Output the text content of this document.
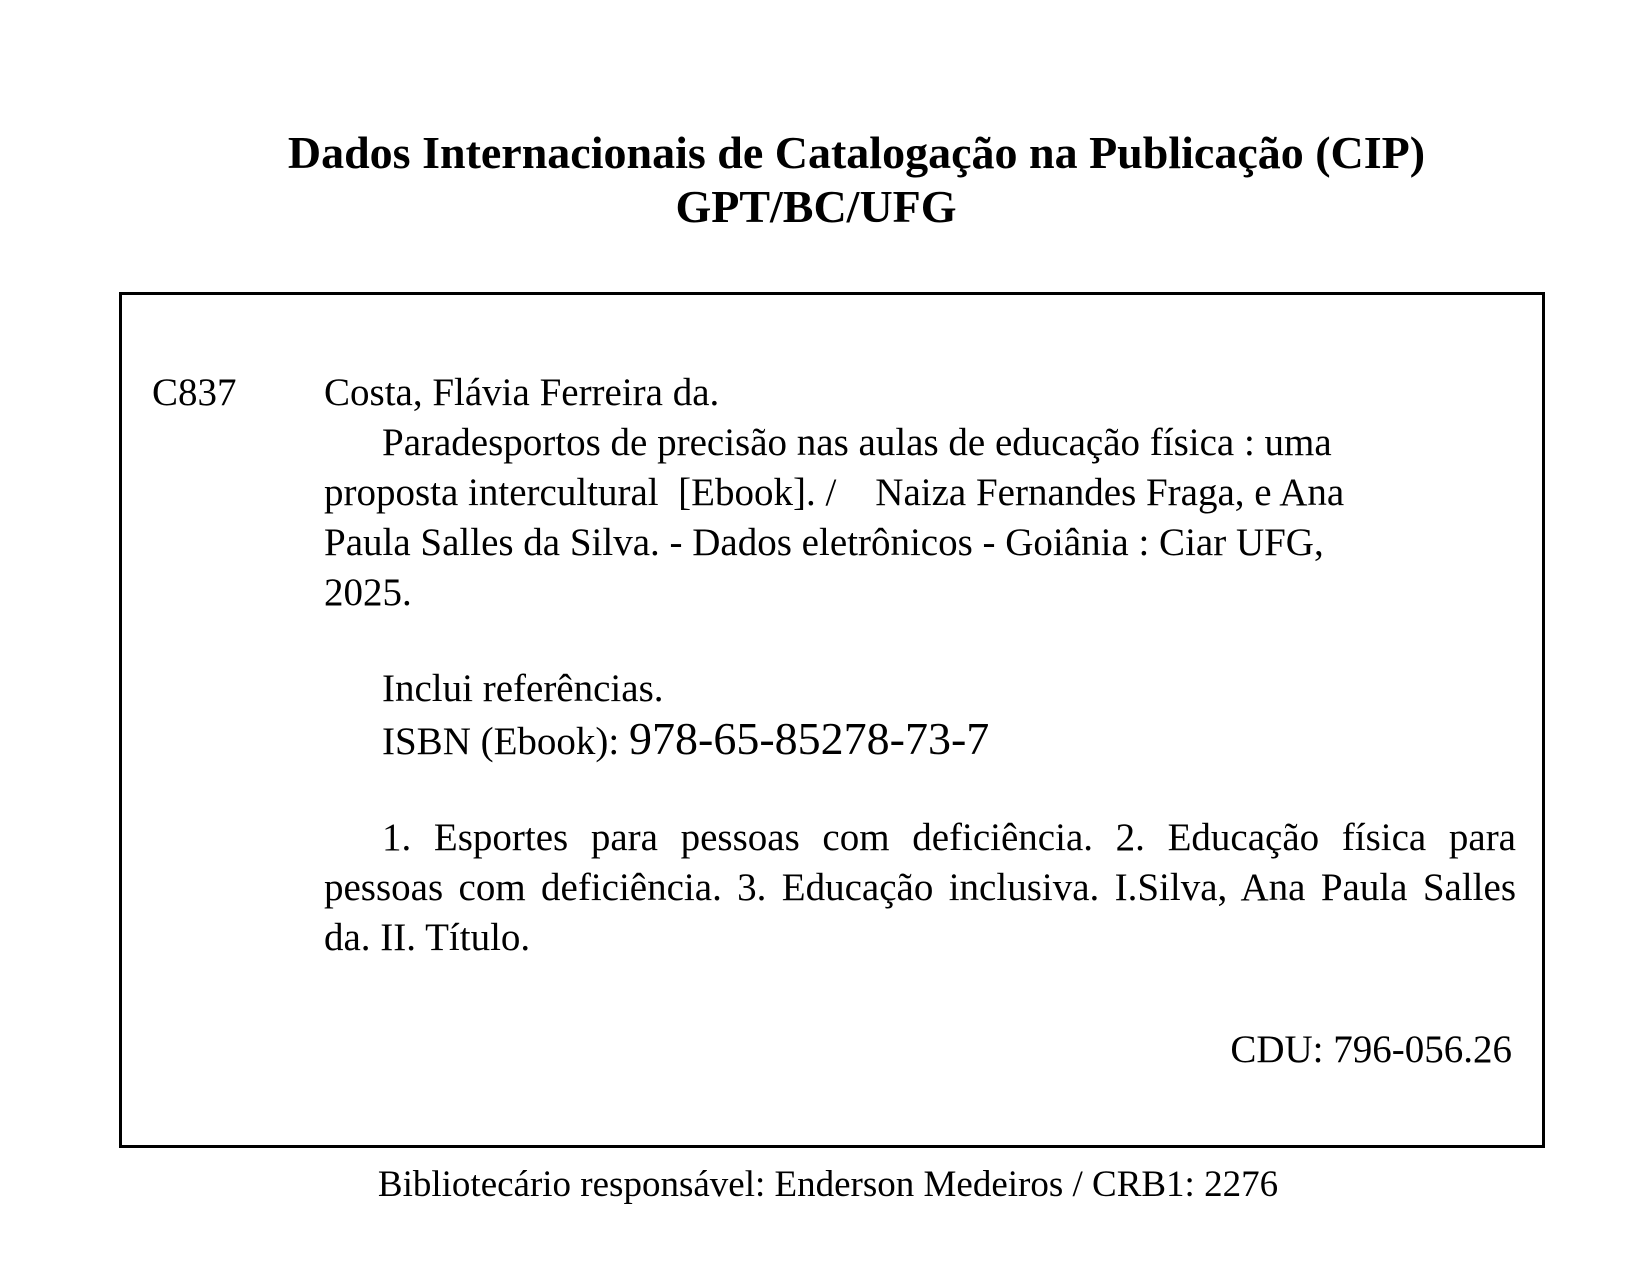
Dados Internacionais de Catalogação na Publicação (CIP)
GPT/BC/UFG
C837 Costa, Flávia Ferreira da.

Paradesportos de precisão nas aulas de educação física : uma

proposta intercultural  [Ebook]. /    Naiza Fernandes Fraga, e Ana

Paula Salles da Silva. - Dados eletrônicos - Goiânia : Ciar UFG,

2025.

Inclui referências.

ISBN (Ebook): 978-65-85278-73-7

1. Esportes para pessoas com deficiência. 2. Educação física para pessoas com deficiência. 3. Educação inclusiva. I.Silva, Ana Paula Salles da. II. Título.

CDU: 796-056.26
Bibliotecário responsável: Enderson Medeiros / CRB1: 2276
